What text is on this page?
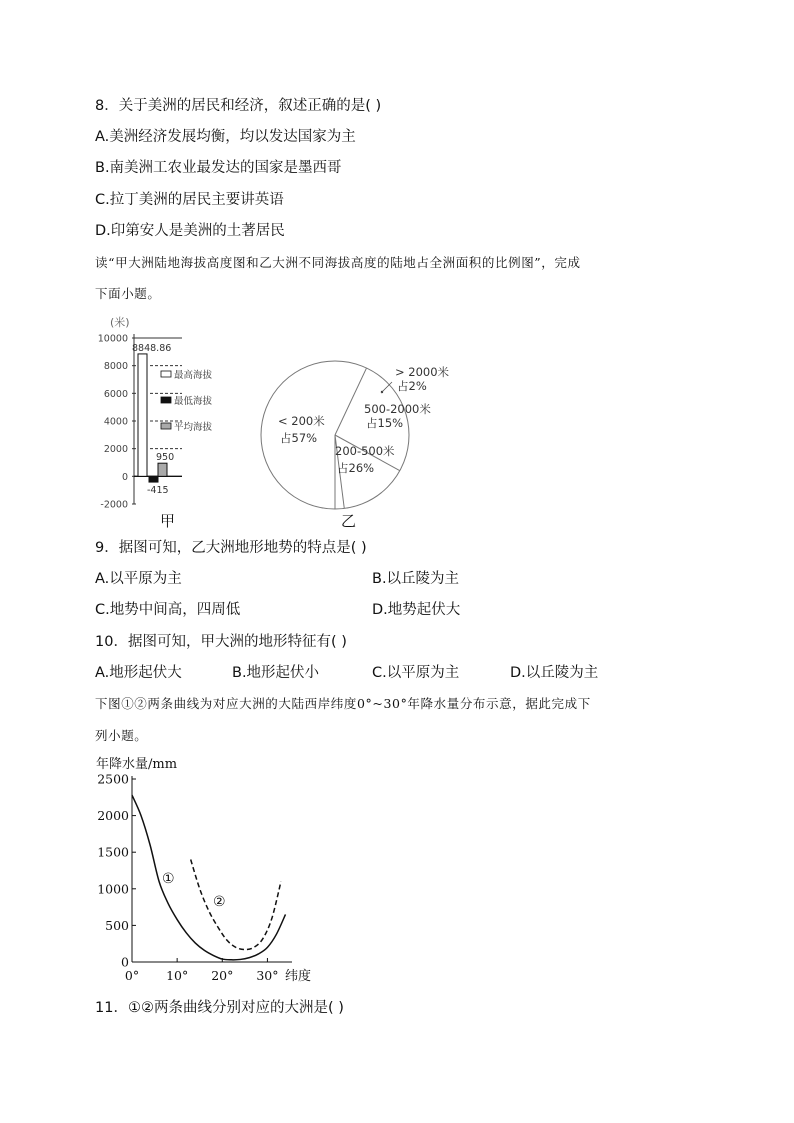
8．关于美洲的居民和经济，叙述正确的是( )
A.美洲经济发展均衡，均以发达国家为主
B.南美洲工农业最发达的国家是墨西哥
C.拉丁美洲的居民主要讲英语
D.印第安人是美洲的土著居民
读“甲大洲陆地海拔高度图和乙大洲不同海拔高度的陆地占全洲面积的比例图”，完成
下面小题。
(米)
10000
8000
6000
4000
2000
0
-2000
8848.86
-415
950
最高海拔
最低海拔
平均海拔
甲
< 200米
占57%
200-500米
占26%
500-2000米
占15%
> 2000米
占2%
乙
9．据图可知，乙大洲地形地势的特点是( )
A.以平原为主	B.以丘陵为主
C.地势中间高，四周低	D.地势起伏大
10．据图可知，甲大洲的地形特征有( )
A.地形起伏大	B.地形起伏小	C.以平原为主	D.以丘陵为主
下图①②两条曲线为对应大洲的大陆西岸纬度0°~30°年降水量分布示意，据此完成下
列小题。
年降水量/mm
0
500
1000
1500
2000
2500
0° 10° 20° 30°
①
②
纬度
11．①②两条曲线分别对应的大洲是( )
